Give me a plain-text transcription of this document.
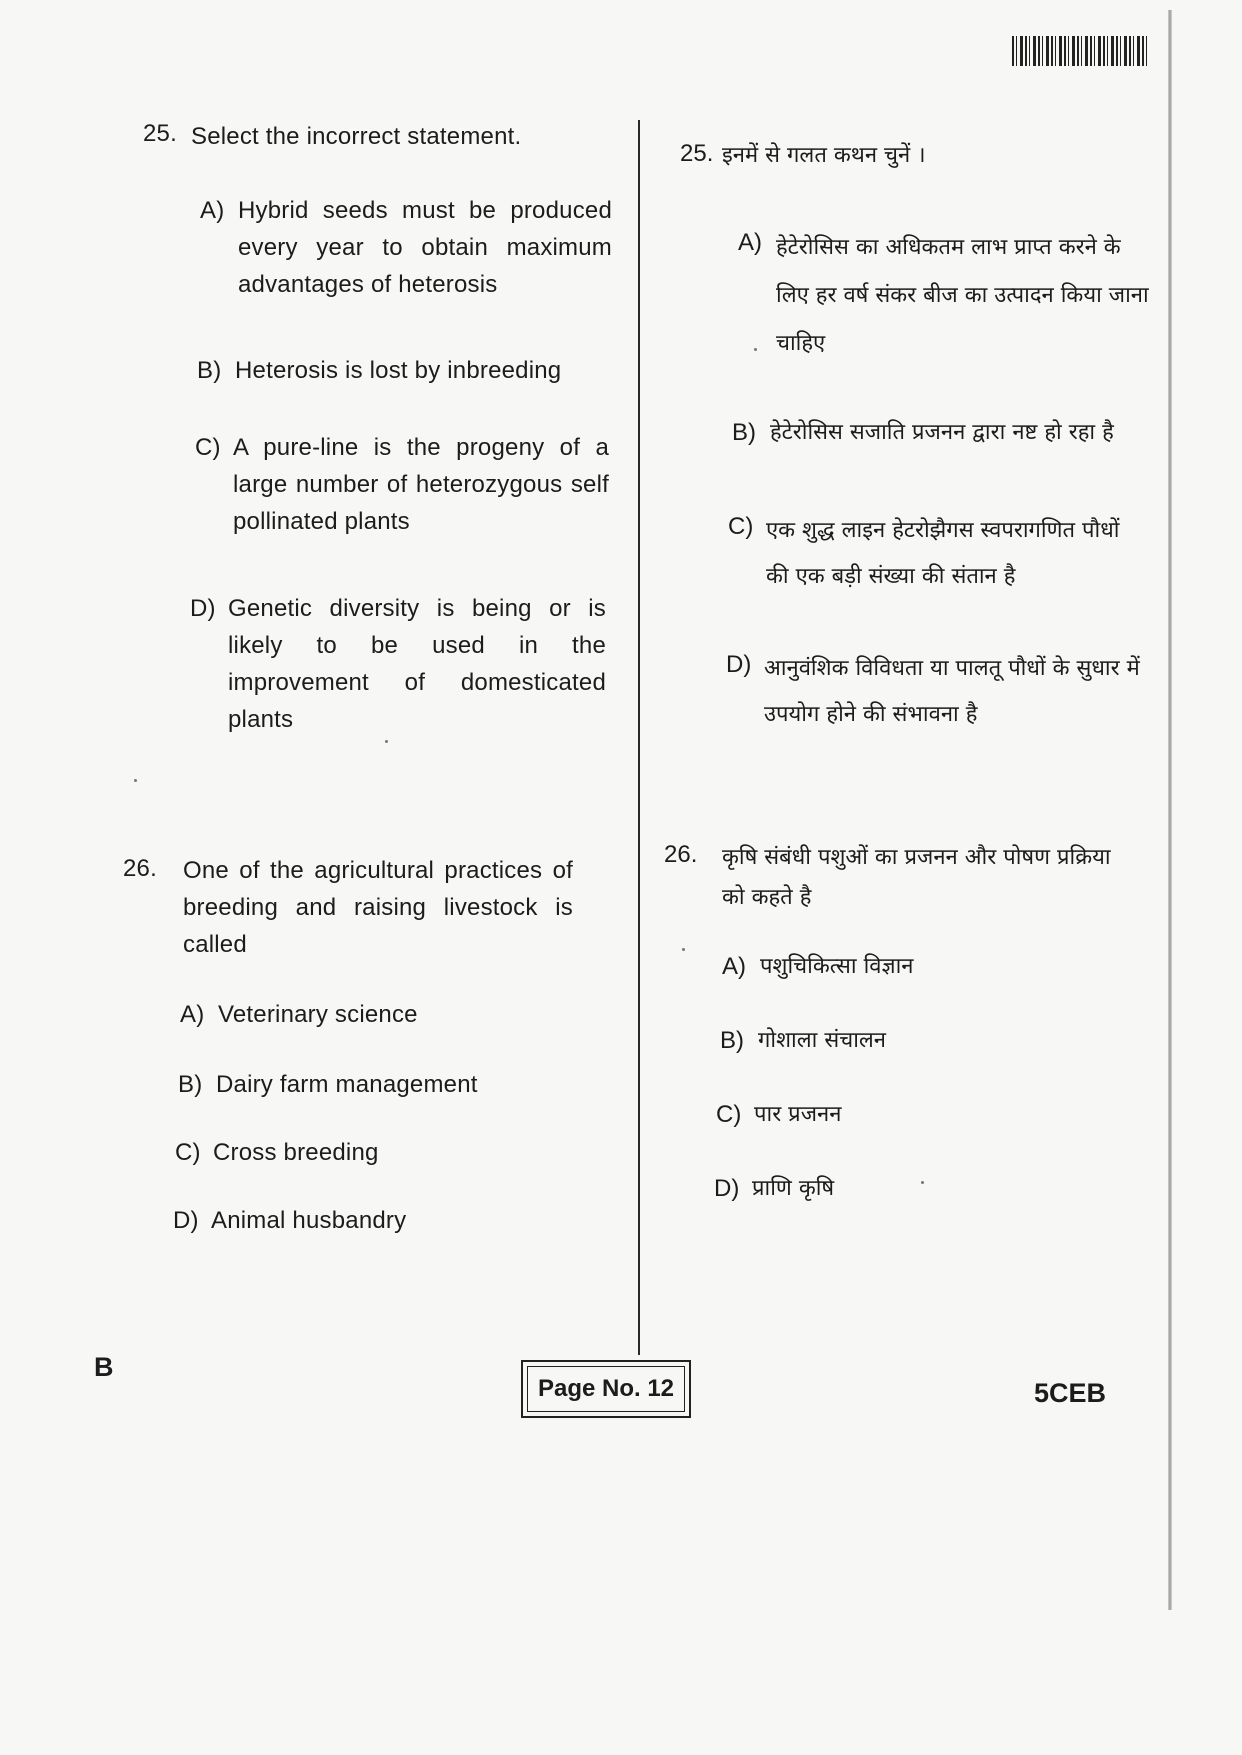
25. Select the incorrect statement.
A) Hybrid seeds must be produced every year to obtain maximum advantages of heterosis
B) Heterosis is lost by inbreeding
C) A pure-line is the progeny of a large number of heterozygous self pollinated plants
D) Genetic diversity is being or is likely to be used in the improvement of domesticated plants
26. One of the agricultural practices of breeding and raising livestock is called
A) Veterinary science
B) Dairy farm management
C) Cross breeding
D) Animal husbandry
25. इनमें से गलत कथन चुनें ।
A) हेटेरोसिस का अधिकतम लाभ प्राप्त करने के लिए हर वर्ष संकर बीज का उत्पादन किया जाना चाहिए
B) हेटेरोसिस सजाति प्रजनन द्वारा नष्ट हो रहा है
C) एक शुद्ध लाइन हेटरोझैगस स्वपरागणित पौधों की एक बड़ी संख्या की संतान है
D) आनुवंशिक विविधता या पालतू पौधों के सुधार में उपयोग होने की संभावना है
26. कृषि संबंधी पशुओं का प्रजनन और पोषण प्रक्रिया को कहते है
A) पशुचिकित्सा विज्ञान
B) गोशाला संचालन
C) पार प्रजनन
D) प्राणि कृषि
B
Page No. 12	5CEB
